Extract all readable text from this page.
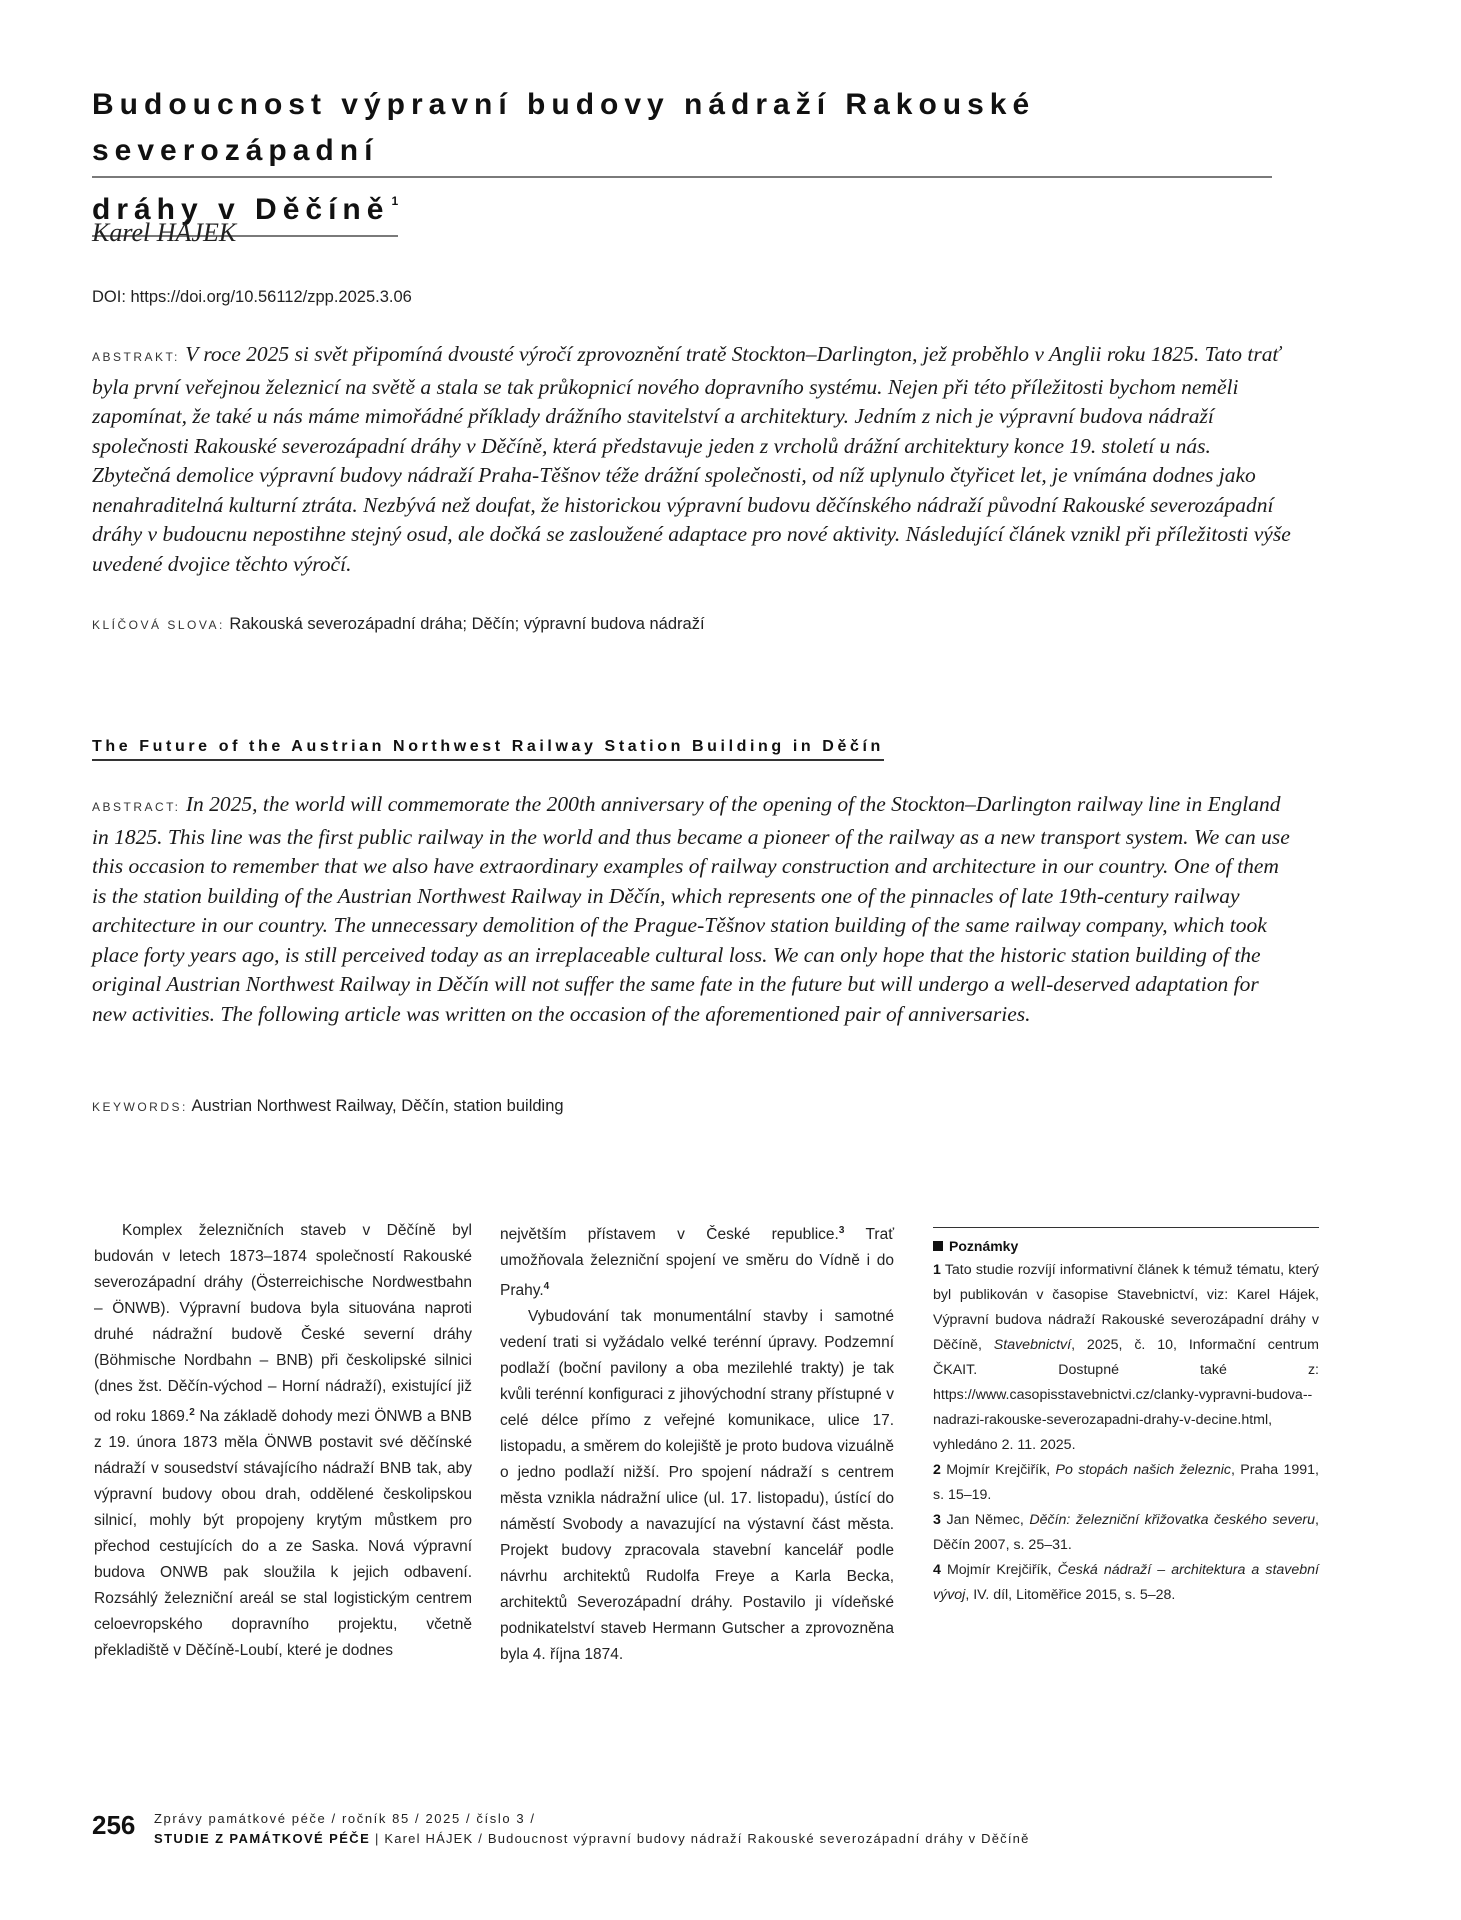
Budoucnost výpravní budovy nádraží Rakouské severozápadní
dráhy v Děčíně $^1$
Karel HÁJEK
DOI: https://doi.org/10.56112/zpp.2025.3.06
ABSTRAKT: V roce 2025 si svět připomíná dvousté výročí zprovoznění tratě Stockton–Darlington, jež proběhlo v Anglii roku 1825. Tato trať byla první veřejnou železnicí na světě a stala se tak průkopnicí nového dopravního systému. Nejen při této příležitosti bychom neměli zapomínat, že také u nás máme mimořádné příklady drážního stavitelství a architektury. Jedním z nich je výpravní budova nádraží společnosti Rakouské severozápadní dráhy v Děčíně, která představuje jeden z vrcholů drážní architektury konce 19. století u nás. Zbytečná demolice výpravní budovy nádraží Praha-Těšnov téže drážní společnosti, od níž uplynulo čtyřicet let, je vnímána dodnes jako nenahraditelná kulturní ztráta. Nezbývá než doufat, že historickou výpravní budovu děčínského nádraží původní Rakouské severozápadní dráhy v budoucnu nepostihne stejný osud, ale dočká se zasloužené adaptace pro nové aktivity. Následující článek vznikl při příležitosti výše uvedené dvojice těchto výročí.
KLÍČOVÁ SLOVA: Rakouská severozápadní dráha; Děčín; výpravní budova nádraží
The Future of the Austrian Northwest Railway Station Building in Děčín
ABSTRACT: In 2025, the world will commemorate the 200th anniversary of the opening of the Stockton–Darlington railway line in England in 1825. This line was the first public railway in the world and thus became a pioneer of the railway as a new transport system. We can use this occasion to remember that we also have extraordinary examples of railway construction and architecture in our country. One of them is the station building of the Austrian Northwest Railway in Děčín, which represents one of the pinnacles of late 19th-century railway architecture in our country. The unnecessary demolition of the Prague-Těšnov station building of the same railway company, which took place forty years ago, is still perceived today as an irreplaceable cultural loss. We can only hope that the historic station building of the original Austrian Northwest Railway in Děčín will not suffer the same fate in the future but will undergo a well-deserved adaptation for new activities. The following article was written on the occasion of the aforementioned pair of anniversaries.
KEYWORDS: Austrian Northwest Railway, Děčín, station building

Komplex železničních staveb v Děčíně byl budován v letech 1873–1874 společností Rakouské severozápadní dráhy (Österreichische Nordwestbahn – ÖNWB). Výpravní budova byla situována naproti druhé nádražní budově České severní dráhy (Böhmische Nordbahn – BNB) při českolipské silnici (dnes žst. Děčín-východ – Horní nádraží), existující již od roku 1869.$^2$ Na základě dohody mezi ÖNWB a BNB z 19. února 1873 měla ÖNWB postavit své děčínské nádraží v sousedství stávajícího nádraží BNB tak, aby výpravní budovy obou drah, oddělené českolipskou silnicí, mohly být propojeny krytým můstkem pro přechod cestujících do a ze Saska. Nová výpravní budova ONWB pak sloužila k jejich odbavení. Rozsáhlý železniční areál se stal logistickým centrem celoevropského dopravního projektu, včetně překladiště v Děčíně-Loubí, které je dodnes

největším přístavem v České republice.$^3$ Trať umožňovala železniční spojení ve směru do Vídně i do Prahy.$^4$

Vybudování tak monumentální stavby i samotné vedení trati si vyžádalo velké terénní úpravy. Podzemní podlaží (boční pavilony a oba mezilehlé trakty) je tak kvůli terénní konfiguraci z jihovýchodní strany přístupné v celé délce přímo z veřejné komunikace, ulice 17. listopadu, a směrem do kolejiště je proto budova vizuálně o jedno podlaží nižší. Pro spojení nádraží s centrem města vznikla nádražní ulice (ul. 17. listopadu), ústící do náměstí Svobody a navazující na výstavní část města. Projekt budovy zpracovala stavební kancelář podle návrhu architektů Rudolfa Freye a Karla Becka, architektů Severozápadní dráhy. Postavilo ji vídeňské podnikatelství staveb Hermann Gutscher a zprovozněna byla 4. října 1874.

Poznámky
1 Tato studie rozvíjí informativní článek k témuž tématu, který byl publikován v časopise Stavebnictví, viz: Karel Hájek, Výpravní budova nádraží Rakouské severozápadní dráhy v Děčíně, Stavebnictví, 2025, č. 10, Informační centrum ČKAIT. Dostupné také z: https://www.casopisstavebnictvi.cz/clanky-vypravni-budova--nadrazi-rakouske-severozapadni-drahy-v-decine.html, vyhledáno 2. 11. 2025.
2 Mojmír Krejčiřík, Po stopách našich železnic, Praha 1991, s. 15–19.
3 Jan Němec, Děčín: železniční křižovatka českého severu, Děčín 2007, s. 25–31.
4 Mojmír Krejčiřík, Česká nádraží – architektura a stavební vývoj, IV. díl, Litoměřice 2015, s. 5–28.
256 Zprávy památkové péče / ročník 85 / 2025 / číslo 3 /
STUDIE Z PAMÁTKOVÉ PÉČE | Karel HÁJEK / Budoucnost výpravní budovy nádraží Rakouské severozápadní dráhy v Děčíně
